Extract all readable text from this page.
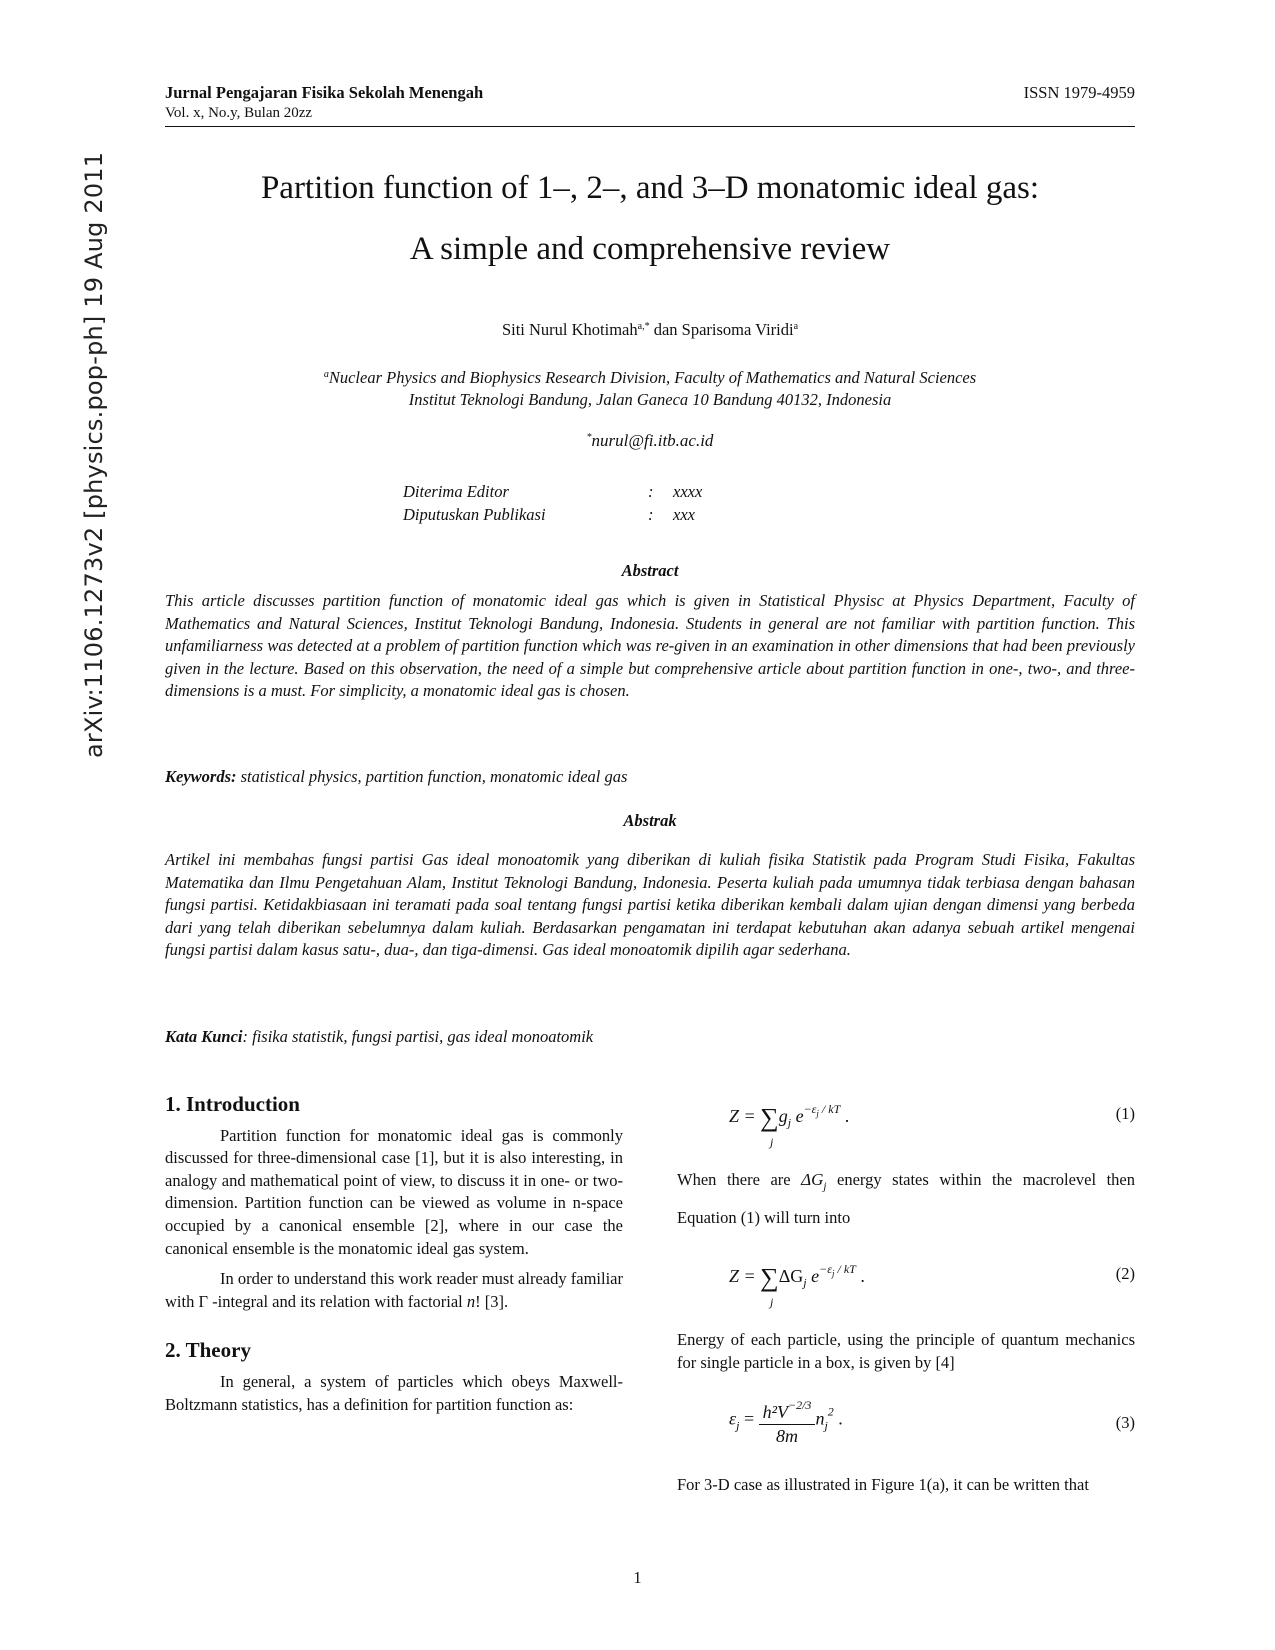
arXiv:1106.1273v2 [physics.pop-ph] 19 Aug 2011
Jurnal Pengajaran Fisika Sekolah Menengah
Vol. x, No.y, Bulan 20zz
ISSN 1979-4959
Partition function of 1–, 2–, and 3–D monatomic ideal gas:
A simple and comprehensive review
Siti Nurul Khotimah$^{a,*}$ dan Sparisoma Viridi$^a$
$^a$Nuclear Physics and Biophysics Research Division, Faculty of Mathematics and Natural Sciences
Institut Teknologi Bandung, Jalan Ganeca 10 Bandung 40132, Indonesia
*nurul@fi.itb.ac.id
Diterima Editor	:	xxxx
Diputuskan Publikasi	:	xxx
Abstract
This article discusses partition function of monatomic ideal gas which is given in Statistical Physisc at Physics Department, Faculty of Mathematics and Natural Sciences, Institut Teknologi Bandung, Indonesia. Students in general are not familiar with partition function. This unfamiliarness was detected at a problem of partition function which was re-given in an examination in other dimensions that had been previously given in the lecture. Based on this observation, the need of a simple but comprehensive article about partition function in one-, two-, and three-dimensions is a must. For simplicity, a monatomic ideal gas is chosen.
Keywords: statistical physics, partition function, monatomic ideal gas
Abstrak
Artikel ini membahas fungsi partisi Gas ideal monoatomik yang diberikan di kuliah fisika Statistik pada Program Studi Fisika, Fakultas Matematika dan Ilmu Pengetahuan Alam, Institut Teknologi Bandung, Indonesia. Peserta kuliah pada umumnya tidak terbiasa dengan bahasan fungsi partisi. Ketidakbiasaan ini teramati pada soal tentang fungsi partisi ketika diberikan kembali dalam ujian dengan dimensi yang berbeda dari yang telah diberikan sebelumnya dalam kuliah. Berdasarkan pengamatan ini terdapat kebutuhan akan adanya sebuah artikel mengenai fungsi partisi dalam kasus satu-, dua-, dan tiga-dimensi. Gas ideal monoatomik dipilih agar sederhana.
Kata Kunci: fisika statistik, fungsi partisi, gas ideal monoatomik
1. Introduction

Partition function for monatomic ideal gas is commonly discussed for three-dimensional case [1], but it is also interesting, in analogy and mathematical point of view, to discuss it in one- or two-dimension. Partition function can be viewed as volume in n-space occupied by a canonical ensemble [2], where in our case the canonical ensemble is the monatomic ideal gas system.

In order to understand this work reader must already familiar with Γ -integral and its relation with factorial n! [3].

2. Theory

In general, a system of particles which obeys Maxwell-Boltzmann statistics, has a definition for partition function as:

$Z = \sum g_j$ $e^{-\varepsilon_j / kT}$ .
j
(1)

When there are $\Delta G_j$ energy states within the macrolevel then Equation (1) will turn into

$Z = \sum\Delta G_j$ $e^{-\varepsilon_j / kT}$ .
j
(2)

Energy of each particle, using the principle of quantum mechanics for single particle in a box, is given by [4]

$\varepsilon_j = \frac{h^2V^{-2/3}}{8m} n_j^2$ .	(3)

For 3-D case as illustrated in Figure 1(a), it can be written that

1
